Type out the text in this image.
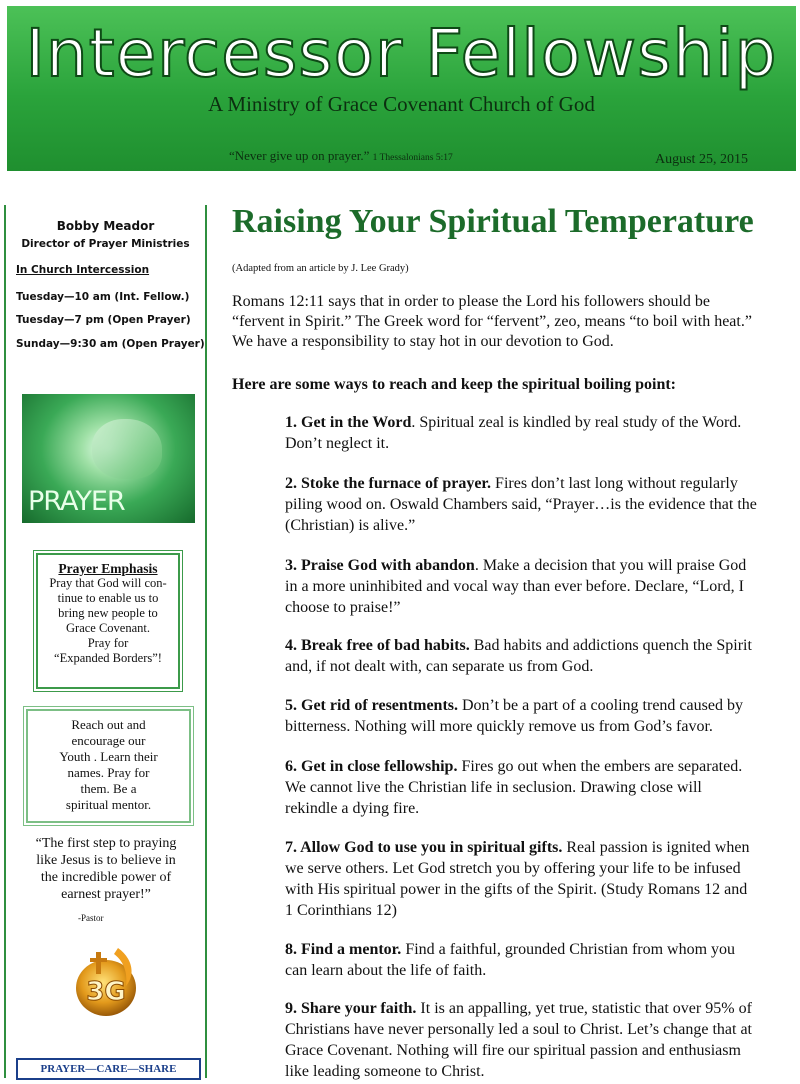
Intercessor Fellowship
A Ministry of Grace Covenant Church of God
“Never give up on prayer.” 1 Thessalonians 5:17	August 25, 2015
Bobby Meador
Director of Prayer Ministries
In Church Intercession
Tuesday—10 am (Int. Fellow.)
Tuesday—7 pm (Open Prayer)
Sunday—9:30 am (Open Prayer)
PRAYER
Prayer Emphasis
Pray that God will con-
tinue to enable us to
bring new people to
Grace Covenant.
Pray for
“Expanded Borders”!
Reach out and
encourage our
Youth . Learn their
names. Pray for
them. Be a
spiritual mentor.
“The first step to praying
like Jesus is to believe in
the incredible power of
earnest prayer!”
-Pastor
3G
PRAYER—CARE—SHARE
Raising Your Spiritual Temperature
(Adapted from an article by J. Lee Grady)
Romans 12:11 says that in order to please the Lord his followers should be
“fervent in Spirit.” The Greek word for “fervent”, zeo, means “to boil with heat.”
We have a responsibility to stay hot in our devotion to God.
Here are some ways to reach and keep the spiritual boiling point:
1. Get in the Word. Spiritual zeal is kindled by real study of the Word.
Don’t neglect it.
2. Stoke the furnace of prayer. Fires don’t last long without regularly
piling wood on. Oswald Chambers said, “Prayer…is the evidence that the
(Christian) is alive.”
3. Praise God with abandon. Make a decision that you will praise God
in a more uninhibited and vocal way than ever before. Declare, “Lord, I
choose to praise!”
4. Break free of bad habits. Bad habits and addictions quench the Spirit
and, if not dealt with, can separate us from God.
5. Get rid of resentments. Don’t be a part of a cooling trend caused by
bitterness. Nothing will more quickly remove us from God’s favor.
6. Get in close fellowship. Fires go out when the embers are separated.
We cannot live the Christian life in seclusion. Drawing close will
rekindle a dying fire.
7. Allow God to use you in spiritual gifts. Real passion is ignited when
we serve others. Let God stretch you by offering your life to be infused
with His spiritual power in the gifts of the Spirit. (Study Romans 12 and
1 Corinthians 12)
8. Find a mentor. Find a faithful, grounded Christian from whom you
can learn about the life of faith.
9. Share your faith. It is an appalling, yet true, statistic that over 95% of
Christians have never personally led a soul to Christ. Let’s change that at
Grace Covenant. Nothing will fire our spiritual passion and enthusiasm
like leading someone to Christ.
